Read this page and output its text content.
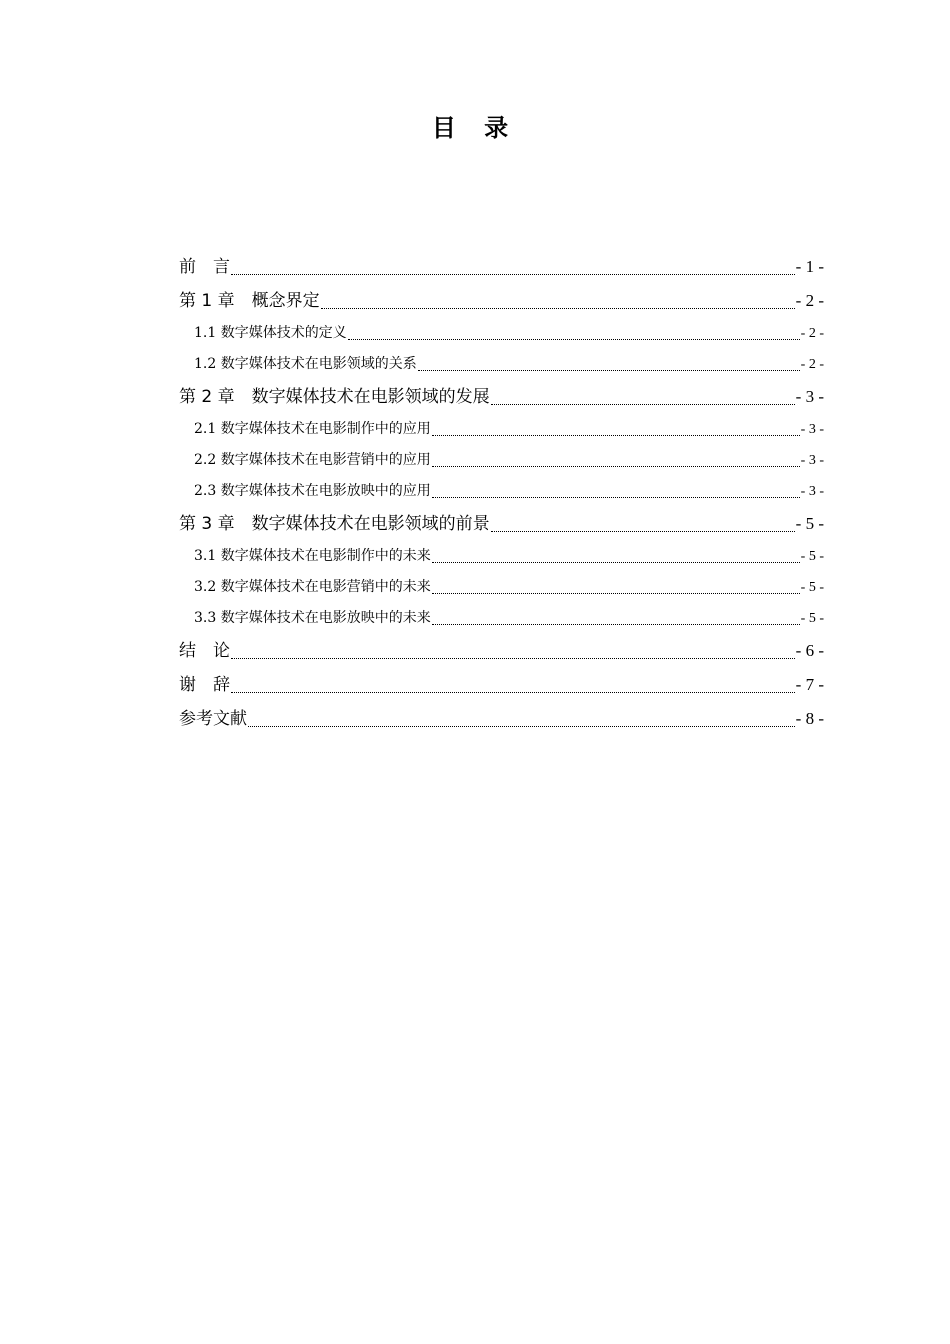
目 录
前　言	- 1 -
第 1 章　概念界定	- 2 -
1.1 数字媒体技术的定义	- 2 -
1.2 数字媒体技术在电影领域的关系	- 2 -
第 2 章　数字媒体技术在电影领域的发展	- 3 -
2.1 数字媒体技术在电影制作中的应用	- 3 -
2.2 数字媒体技术在电影营销中的应用	- 3 -
2.3 数字媒体技术在电影放映中的应用	- 3 -
第 3 章　数字媒体技术在电影领域的前景	- 5 -
3.1 数字媒体技术在电影制作中的未来	- 5 -
3.2 数字媒体技术在电影营销中的未来	- 5 -
3.3 数字媒体技术在电影放映中的未来	- 5 -
结　论	- 6 -
谢　辞	- 7 -
参考文献	- 8 -
